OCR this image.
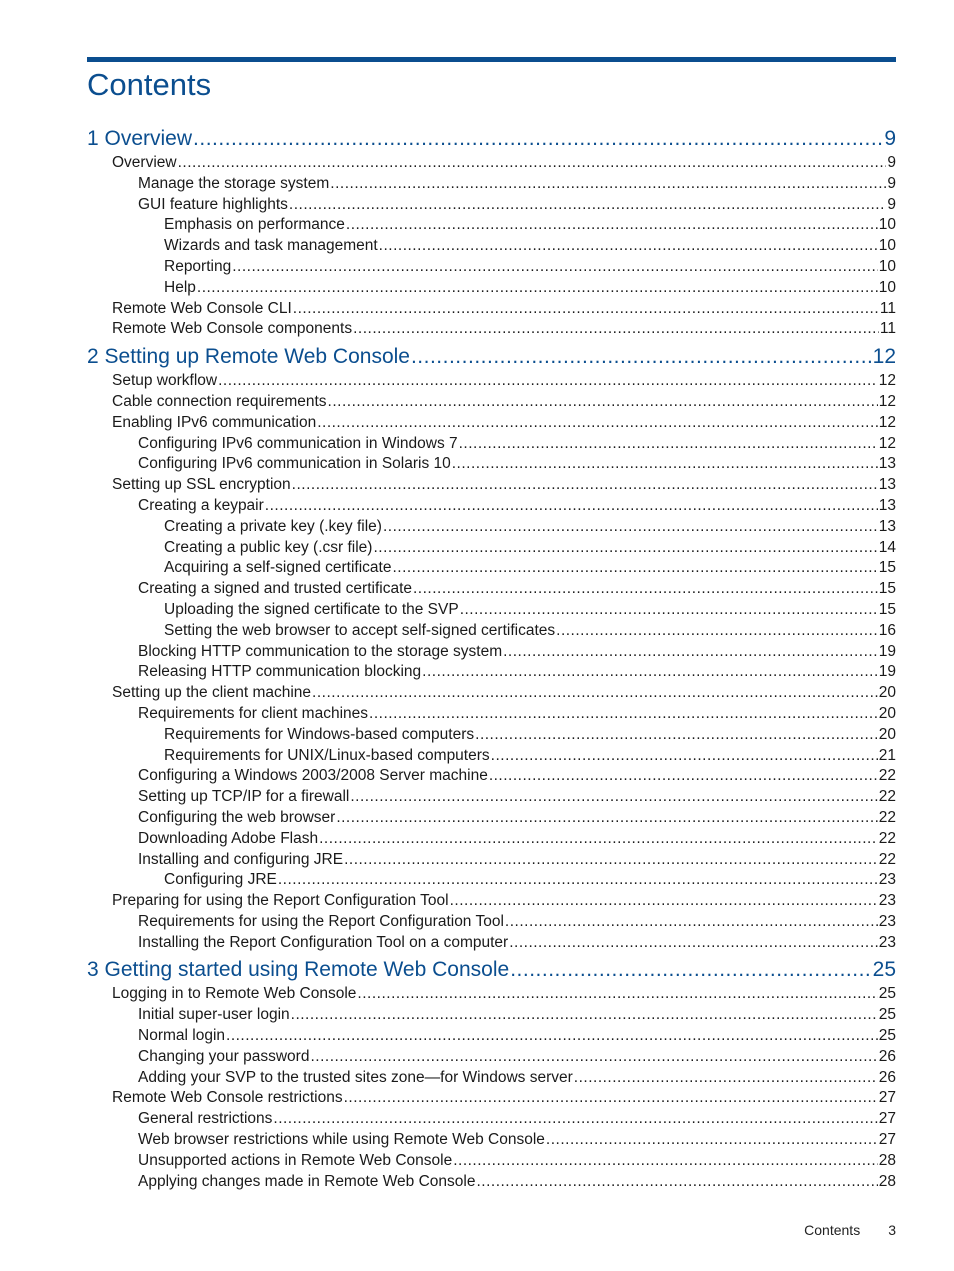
Contents
1 Overview .....	9
Overview .....	9
Manage the storage system .....	9
GUI feature highlights .....	9
Emphasis on performance .....	10
Wizards and task management .....	10
Reporting .....	10
Help .....	10
Remote Web Console CLI .....	11
Remote Web Console components .....	11
2 Setting up Remote Web Console .....	12
Setup workflow .....	12
Cable connection requirements .....	12
Enabling IPv6 communication .....	12
Configuring IPv6 communication in Windows 7 .....	12
Configuring IPv6 communication in Solaris 10 .....	13
Setting up SSL encryption .....	13
Creating a keypair .....	13
Creating a private key (.key file) .....	13
Creating a public key (.csr file) .....	14
Acquiring a self-signed certificate .....	15
Creating a signed and trusted certificate .....	15
Uploading the signed certificate to the SVP .....	15
Setting the web browser to accept self-signed certificates .....	16
Blocking HTTP communication to the storage system .....	19
Releasing HTTP communication blocking .....	19
Setting up the client machine .....	20
Requirements for client machines .....	20
Requirements for Windows-based computers .....	20
Requirements for UNIX/Linux-based computers .....	21
Configuring a Windows 2003/2008 Server machine .....	22
Setting up TCP/IP for a firewall .....	22
Configuring the web browser .....	22
Downloading Adobe Flash .....	22
Installing and configuring JRE .....	22
Configuring JRE .....	23
Preparing for using the Report Configuration Tool .....	23
Requirements for using the Report Configuration Tool .....	23
Installing the Report Configuration Tool on a computer .....	23
3 Getting started using Remote Web Console .....	25
Logging in to Remote Web Console .....	25
Initial super-user login .....	25
Normal login .....	25
Changing your password .....	26
Adding your SVP to the trusted sites zone—for Windows server .....	26
Remote Web Console restrictions .....	27
General restrictions .....	27
Web browser restrictions while using Remote Web Console .....	27
Unsupported actions in Remote Web Console .....	28
Applying changes made in Remote Web Console .....	28
Contents 3
